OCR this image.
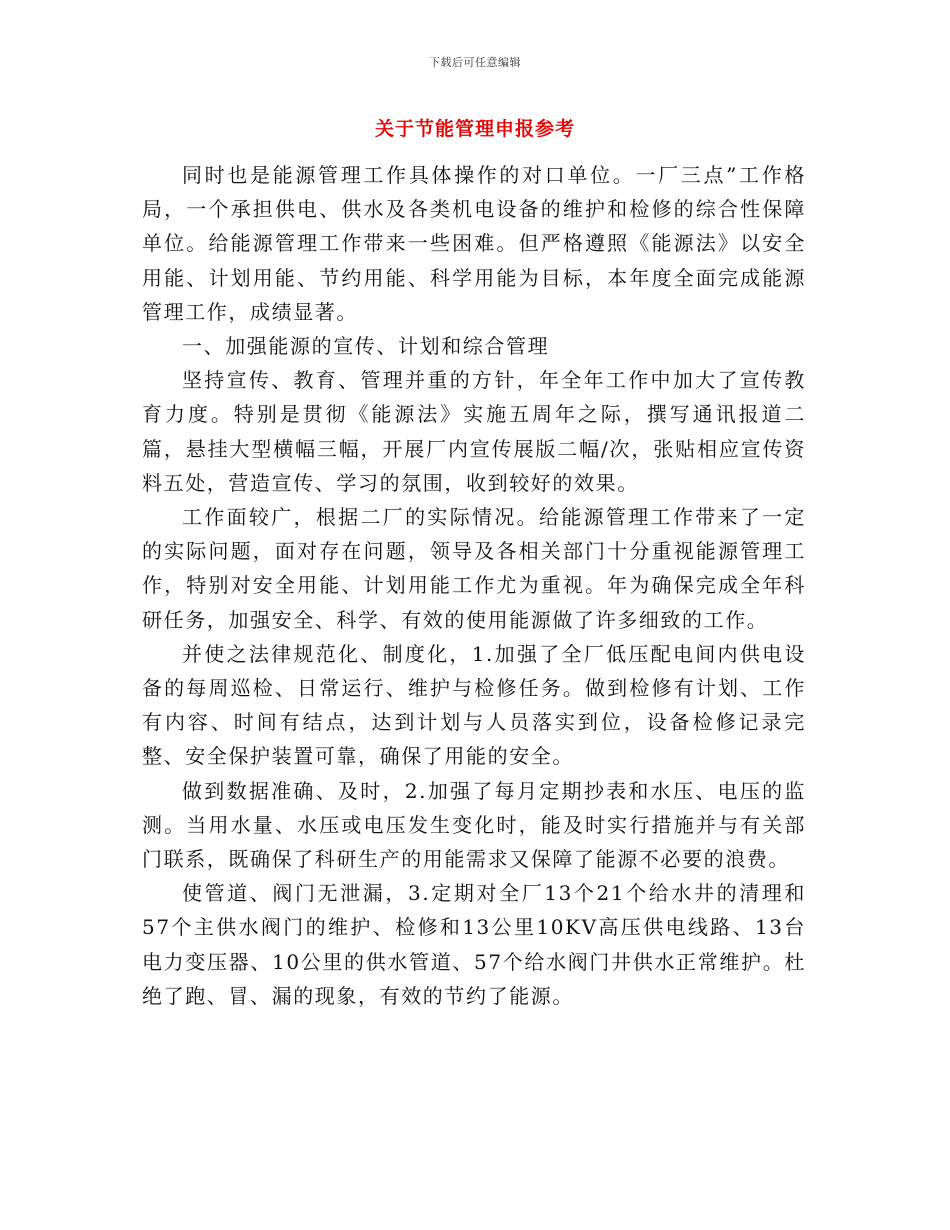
下载后可任意编辑
关于节能管理申报参考

同时也是能源管理工作具体操作的对口单位。一厂三点”工作格局，一个承担供电、供水及各类机电设备的维护和检修的综合性保障单位。给能源管理工作带来一些困难。但严格遵照《能源法》以安全用能、计划用能、节约用能、科学用能为目标，本年度全面完成能源管理工作，成绩显著。

一、加强能源的宣传、计划和综合管理

坚持宣传、教育、管理并重的方针，年全年工作中加大了宣传教育力度。特别是贯彻《能源法》实施五周年之际，撰写通讯报道二篇，悬挂大型横幅三幅，开展厂内宣传展版二幅/次，张贴相应宣传资料五处，营造宣传、学习的氛围，收到较好的效果。

工作面较广，根据二厂的实际情况。给能源管理工作带来了一定的实际问题，面对存在问题，领导及各相关部门十分重视能源管理工作，特别对安全用能、计划用能工作尤为重视。年为确保完成全年科研任务，加强安全、科学、有效的使用能源做了许多细致的工作。

并使之法律规范化、制度化，1.加强了全厂低压配电间内供电设备的每周巡检、日常运行、维护与检修任务。做到检修有计划、工作有内容、时间有结点，达到计划与人员落实到位，设备检修记录完整、安全保护装置可靠，确保了用能的安全。

做到数据准确、及时，2.加强了每月定期抄表和水压、电压的监测。当用水量、水压或电压发生变化时，能及时实行措施并与有关部门联系，既确保了科研生产的用能需求又保障了能源不必要的浪费。

使管道、阀门无泄漏，3.定期对全厂13个21个给水井的清理和57个主供水阀门的维护、检修和13公里10KV高压供电线路、13台电力变压器、10公里的供水管道、57个给水阀门井供水正常维护。杜绝了跑、冒、漏的现象，有效的节约了能源。
